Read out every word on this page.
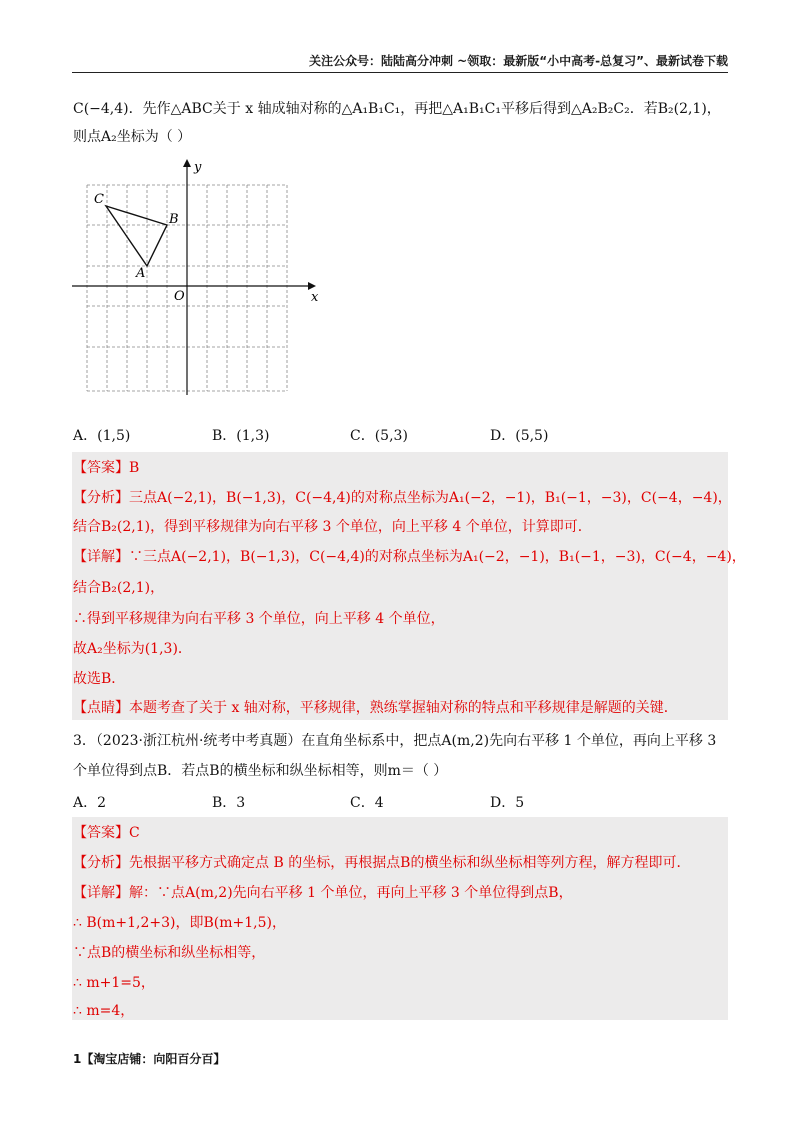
关注公众号：陆陆高分冲刺 ~领取：最新版“小中高考-总复习”、最新试卷下载
C(−4,4)．先作△ABC关于 x 轴成轴对称的△A₁B₁C₁，再把△A₁B₁C₁平移后得到△A₂B₂C₂．若B₂(2,1)，
则点A₂坐标为（ ）
C
B
A
O	x
y
A．(1,5)	B．(1,3)	C．(5,3)	D．(5,5)
【答案】B
【分析】三点A(−2,1)，B(−1,3)，C(−4,4)的对称点坐标为A₁(−2，−1)，B₁(−1，−3)，C(−4，−4)，
结合B₂(2,1)，得到平移规律为向右平移 3 个单位，向上平移 4 个单位，计算即可．
【详解】∵三点A(−2,1)，B(−1,3)，C(−4,4)的对称点坐标为A₁(−2，−1)，B₁(−1，−3)，C(−4，−4)，
结合B₂(2,1)，
∴得到平移规律为向右平移 3 个单位，向上平移 4 个单位，
故A₂坐标为(1,3)．
故选B．
【点睛】本题考查了关于 x 轴对称，平移规律，熟练掌握轴对称的特点和平移规律是解题的关键．
3．（2023·浙江杭州·统考中考真题）在直角坐标系中，把点A(m,2)先向右平移 1 个单位，再向上平移 3
个单位得到点B．若点B的横坐标和纵坐标相等，则m＝（ ）
A．2	B．3	C．4	D．5
【答案】C
【分析】先根据平移方式确定点 B 的坐标，再根据点B的横坐标和纵坐标相等列方程，解方程即可．
【详解】解：∵点A(m,2)先向右平移 1 个单位，再向上平移 3 个单位得到点B，
∴ B(m+1,2+3)，即B(m+1,5)，
∵点B的横坐标和纵坐标相等，
∴ m+1=5，
∴ m=4，
1【淘宝店铺：向阳百分百】
